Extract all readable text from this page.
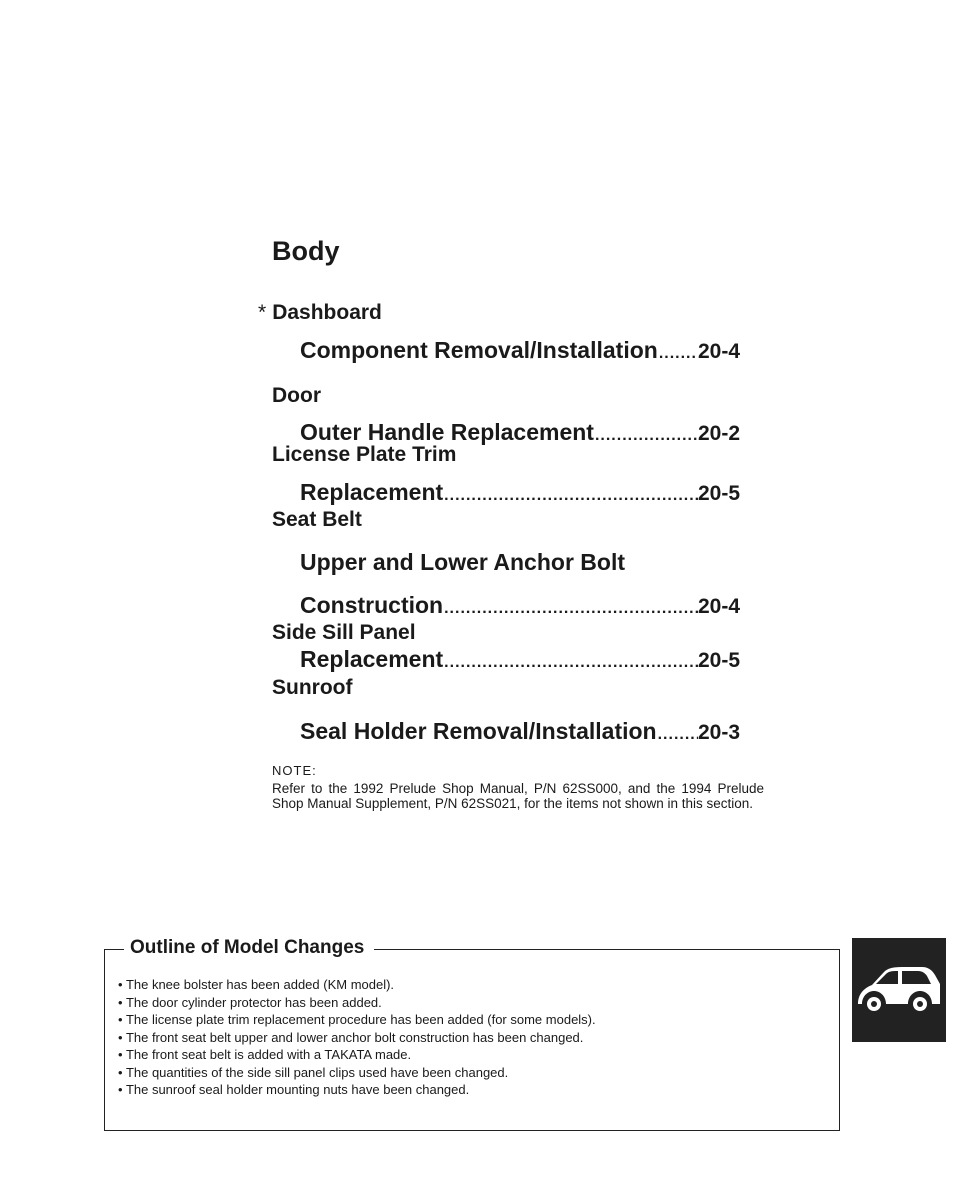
Body
* Dashboard
Component Removal/Installation ..... 20-4
Door
Outer Handle Replacement .....	20-2
License Plate Trim
Replacement .....	20-5
Seat Belt
Upper and Lower Anchor Bolt
Construction .....	20-4
Side Sill Panel
Replacement .....	20-5
Sunroof
Seal Holder Removal/Installation ..... 20-3
NOTE:
Refer to the 1992 Prelude Shop Manual, P/N 62SS000, and the 1994 Prelude Shop Manual Supplement, P/N 62SS021, for the items not shown in this section.
Outline of Model Changes
• The knee bolster has been added (KM model).
• The door cylinder protector has been added.
• The license plate trim replacement procedure has been added (for some models).
• The front seat belt upper and lower anchor bolt construction has been changed.
• The front seat belt is added with a TAKATA made.
• The quantities of the side sill panel clips used have been changed.
• The sunroof seal holder mounting nuts have been changed.
